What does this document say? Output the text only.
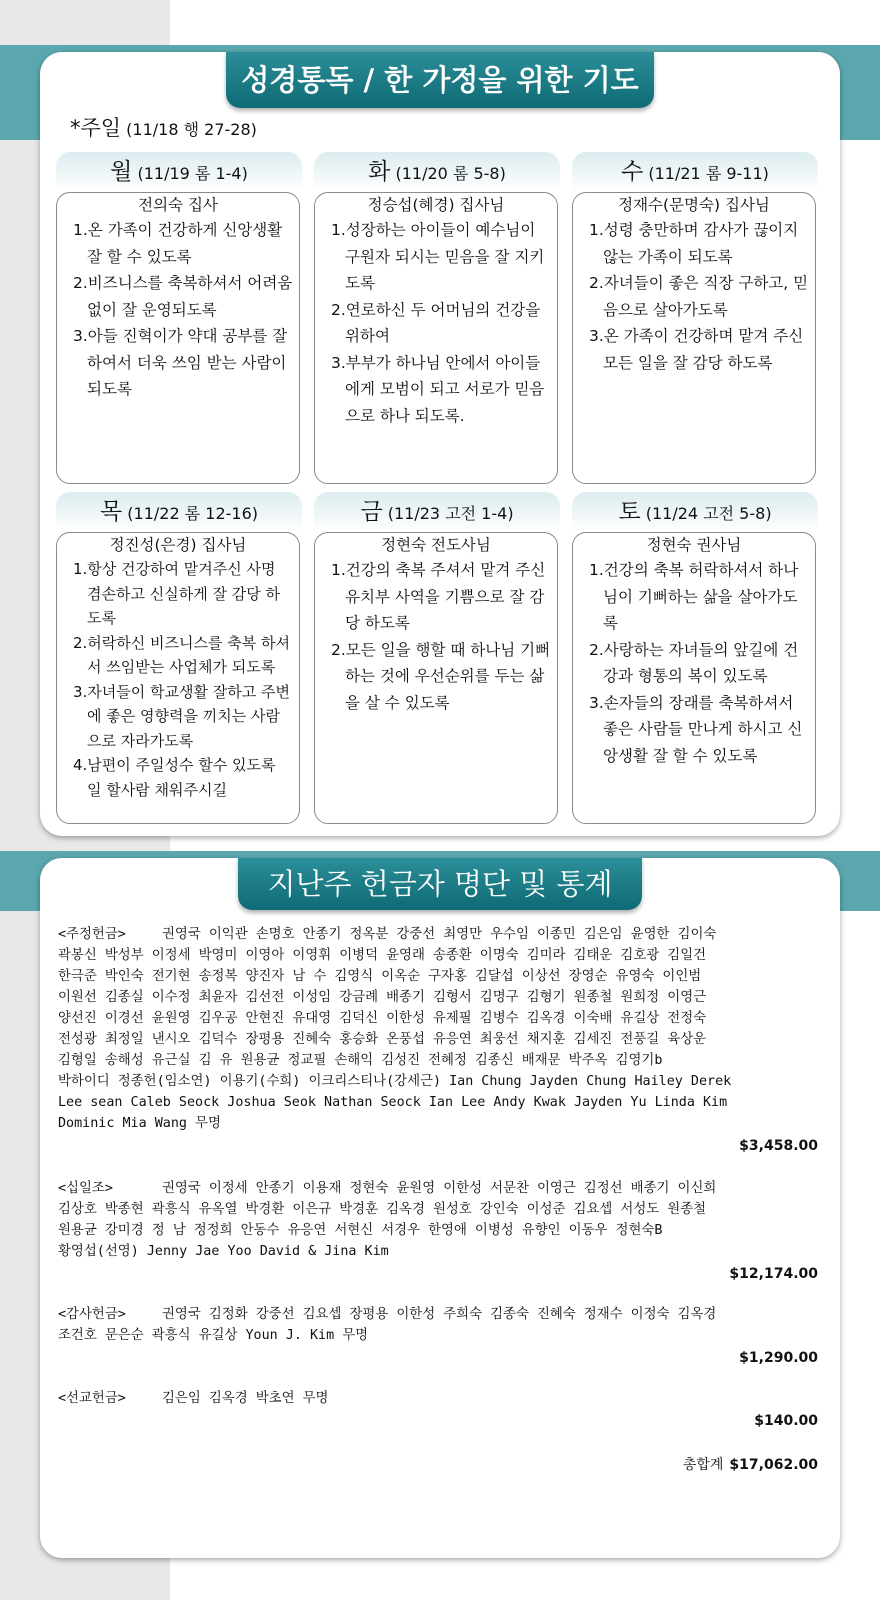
성경통독 / 한 가정을 위한 기도
*주일 (11/18 행 27-28)
월 (11/19 롬 1-4)
전의숙 집사
1.온 가족이 건강하게 신앙생활 잘 할 수 있도록
2.비즈니스를 축복하셔서 어려움없이 잘 운영되도록
3.아들 진혁이가 약대 공부를 잘 하여서 더욱 쓰임 받는 사람이 되도록
화 (11/20 롬 5-8)
정승섭(혜경) 집사님
1.성장하는 아이들이 예수님이 구원자 되시는 믿음을 잘 지키도록
2.연로하신 두 어머님의 건강을 위하여
3.부부가 하나님 안에서 아이들에게 모범이 되고 서로가 믿음으로 하나 되도록.
수 (11/21 롬 9-11)
정재수(문명숙) 집사님
1.성령 충만하며 감사가 끊이지 않는 가족이 되도록
2.자녀들이 좋은 직장 구하고, 믿음으로 살아가도록
3.온 가족이 건강하며 맡겨 주신 모든 일을 잘 감당 하도록
목 (11/22 롬 12-16)
정진성(은경) 집사님
1.항상 건강하여 맡겨주신 사명 겸손하고 신실하게 잘 감당 하도록
2.허락하신 비즈니스를 축복 하셔서 쓰임받는 사업체가 되도록
3.자녀들이 학교생활 잘하고 주변에 좋은 영향력을 끼치는 사람으로 자라가도록
4.남편이 주일성수 할수 있도록 일 할사람 채워주시길
금 (11/23 고전 1-4)
정현숙 전도사님
1.건강의 축복 주셔서 맡겨 주신 유치부 사역을 기쁨으로 잘 감당 하도록
2.모든 일을 행할 때 하나님 기뻐하는 것에 우선순위를 두는 삶을 살 수 있도록
토 (11/24 고전 5-8)
정현숙 권사님
1.건강의 축복 허락하셔서 하나님이 기뻐하는 삶을 살아가도록
2.사랑하는 자녀들의 앞길에 건강과 형통의 복이 있도록
3.손자들의 장래를 축복하셔서 좋은 사람들 만나게 하시고 신앙생활 잘 할 수 있도록
지난주 헌금자 명단 및 통계
<주정헌금>	권영국 이익관 손명호 안종기 정옥분 강중선 최영만 우수임 이종민 김은임 윤영한 김이숙
곽봉신 박성부 이정세 박영미 이영아 이영휘 이병덕 윤영래 송종환 이명숙 김미라 김태운 김호광 김일건
한극준 박인숙 전기현 송정복 양진자 남 수 김영식 이옥순 구자홍 김달섭 이상선 장영순 유영숙 이인범
이원선 김종실 이수정 최윤자 김선전 이성임 강금례 배종기 김형서 김명구 김형기 원종철 원희정 이영근
양선진 이경선 윤원영 김우공 안현진 유대영 김덕신 이한성 유제필 김병수 김옥경 이숙배 유길상 전정숙
전성광 최정일 낸시오 김덕수 장평용 진혜숙 홍승화 온풍섭 유응연 최웅선 채지훈 김세진 전풍길 육상운
김형일 송해성 유근실 김 유 원용균 정교필 손해익 김성진 전혜정 김종신 배재문 박주옥 김영기b
박하이디 정종헌(임소연) 이용기(수희) 이크리스티나(강세근) Ian Chung Jayden Chung Hailey Derek
Lee sean Caleb Seock Joshua Seok Nathan Seock Ian Lee Andy Kwak Jayden Yu Linda Kim
Dominic Mia Wang 무명
$3,458.00
<십일조>	권영국 이정세 안종기 이용재 정현숙 윤원영 이한성 서문찬 이영근 김정선 배종기 이신희
김상호 박종현 곽흥식 유옥열 박경환 이은규 박경훈 김옥경 원성호 강인숙 이성준 김요셉 서성도 원종철
원용균 강미경 정 남 정정희 안동수 유응연 서현신 서경우 한영애 이병성 유향인 이동우 정현숙B
황영섭(선영) Jenny Jae Yoo David & Jina Kim
$12,174.00
<감사헌금>	권영국 김정화 강중선 김요셉 장평용 이한성 주희숙 김종숙 진혜숙 정재수 이정숙 김옥경
조건호 문은순 곽흥식 유길상 Youn J. Kim 무명
$1,290.00
<선교헌금>	김은임 김옥경 박초연 무명
$140.00
총합계 $17,062.00
